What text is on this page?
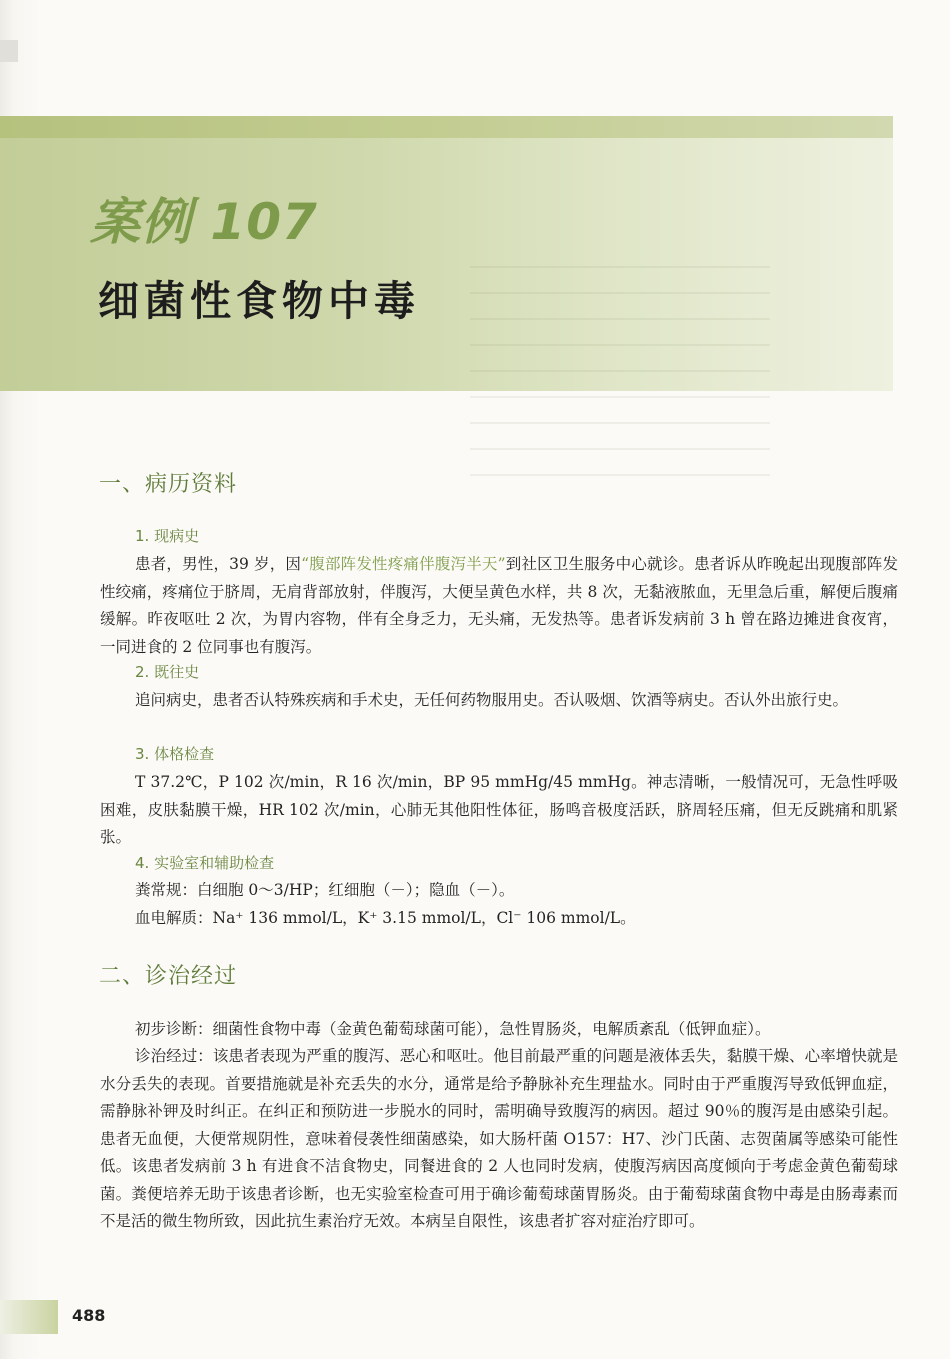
案例 107
细菌性食物中毒
一、病历资料
1. 现病史

患者，男性，39 岁，因“腹部阵发性疼痛伴腹泻半天”到社区卫生服务中心就诊。患者诉从昨晚起出现腹部阵发性绞痛，疼痛位于脐周，无肩背部放射，伴腹泻，大便呈黄色水样，共 8 次，无黏液脓血，无里急后重，解便后腹痛缓解。昨夜呕吐 2 次，为胃内容物，伴有全身乏力，无头痛，无发热等。患者诉发病前 3 h 曾在路边摊进食夜宵，一同进食的 2 位同事也有腹泻。

2. 既往史

追问病史，患者否认特殊疾病和手术史，无任何药物服用史。否认吸烟、饮酒等病史。否认外出旅行史。

3. 体格检查

T 37.2℃，P 102 次/min，R 16 次/min，BP 95 mmHg/45 mmHg。神志清晰，一般情况可，无急性呼吸困难，皮肤黏膜干燥，HR 102 次/min，心肺无其他阳性体征，肠鸣音极度活跃，脐周轻压痛，但无反跳痛和肌紧张。

4. 实验室和辅助检查
粪常规：白细胞 0～3/HP；红细胞（－）；隐血（－）。
血电解质：Na⁺ 136 mmol/L，K⁺ 3.15 mmol/L，Cl⁻ 106 mmol/L。
二、诊治经过

初步诊断：细菌性食物中毒（金黄色葡萄球菌可能），急性胃肠炎，电解质紊乱（低钾血症）。

诊治经过：该患者表现为严重的腹泻、恶心和呕吐。他目前最严重的问题是液体丢失，黏膜干燥、心率增快就是水分丢失的表现。首要措施就是补充丢失的水分，通常是给予静脉补充生理盐水。同时由于严重腹泻导致低钾血症，需静脉补钾及时纠正。在纠正和预防进一步脱水的同时，需明确导致腹泻的病因。超过 90％的腹泻是由感染引起。患者无血便，大便常规阴性，意味着侵袭性细菌感染，如大肠杆菌 O157：H7、沙门氏菌、志贺菌属等感染可能性低。该患者发病前 3 h 有进食不洁食物史，同餐进食的 2 人也同时发病，使腹泻病因高度倾向于考虑金黄色葡萄球菌。粪便培养无助于该患者诊断，也无实验室检查可用于确诊葡萄球菌胃肠炎。由于葡萄球菌食物中毒是由肠毒素而不是活的微生物所致，因此抗生素治疗无效。本病呈自限性，该患者扩容对症治疗即可。

488
